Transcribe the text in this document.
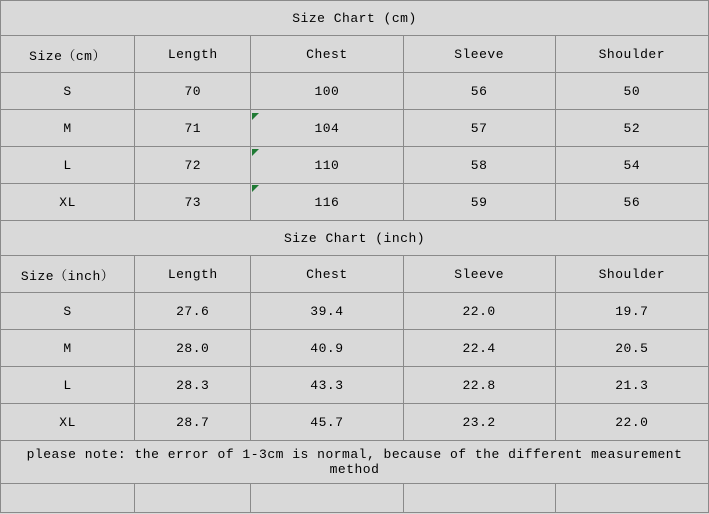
Size Chart (cm)				
Size（cm）	Length	Chest	Sleeve	Shoulder
S	70	100	56	50
M	71	104	57	52
L	72	110	58	54
XL	73	116	59	56
Size Chart (inch)				
Size（inch）	Length	Chest	Sleeve	Shoulder
S	27.6	39.4	22.0	19.7
M	28.0	40.9	22.4	20.5
L	28.3	43.3	22.8	21.3
XL	28.7	45.7	23.2	22.0
please note: the error of 1-3cm is normal, because of the different measurement method				
